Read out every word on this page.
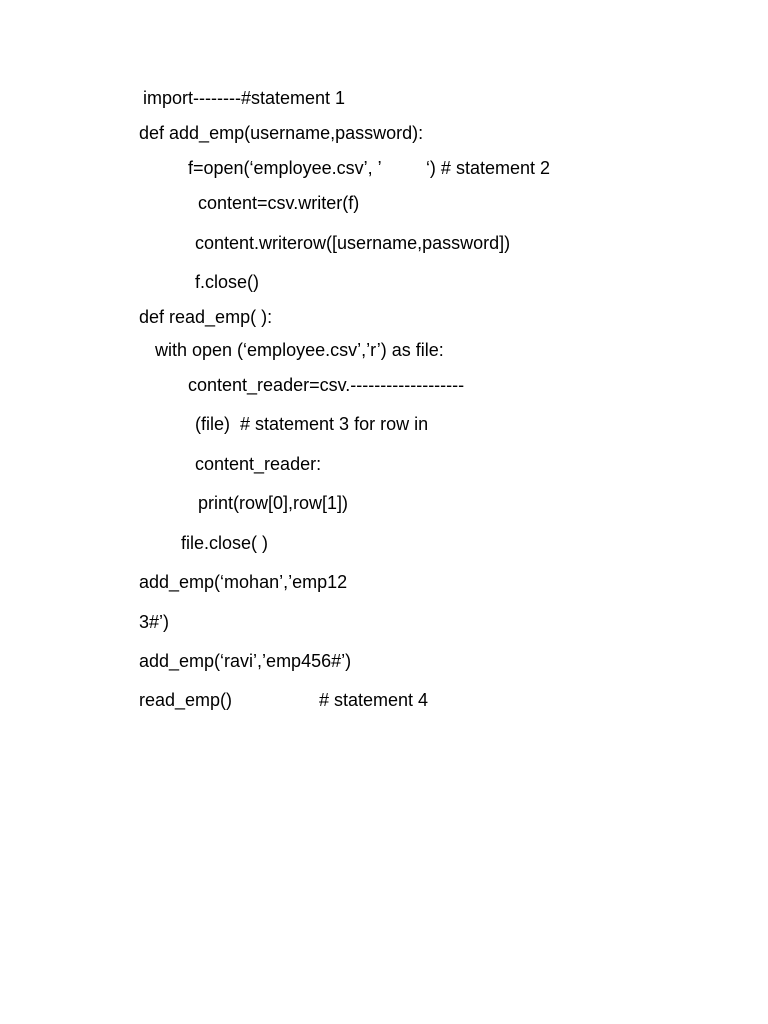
import--------#statement 1
def add_emp(username,password):
f=open(‘employee.csv’, ’         ‘) # statement 2
content=csv.writer(f)
content.writerow([username,password])
f.close()
def read_emp( ):
with open (‘employee.csv’,’r’) as file:
content_reader=csv.-------------------
(file)  # statement 3 for row in
content_reader:
print(row[0],row[1])
file.close( )
add_emp(‘mohan’,’emp12
3#’)
add_emp(‘ravi’,’emp456#’)
read_emp()	# statement 4
